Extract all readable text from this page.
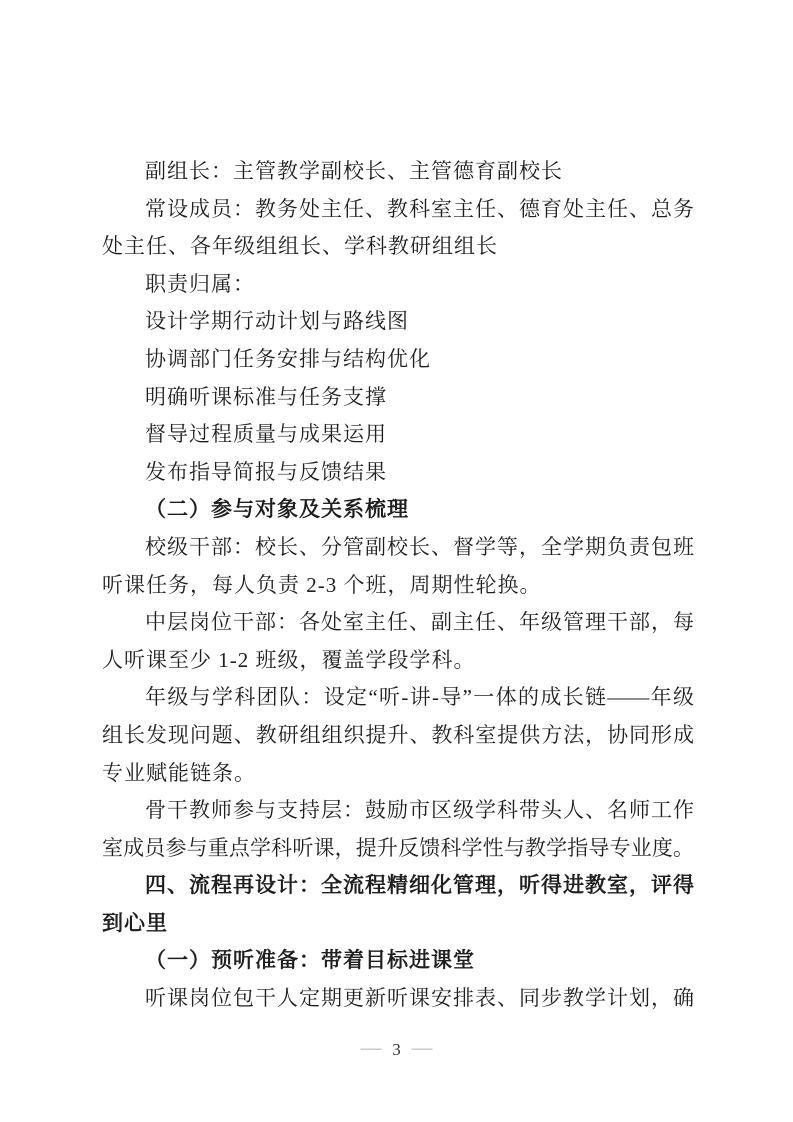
副组长：主管教学副校长、主管德育副校长
常设成员：教务处主任、教科室主任、德育处主任、总务
处主任、各年级组组长、学科教研组组长
职责归属：
设计学期行动计划与路线图
协调部门任务安排与结构优化
明确听课标准与任务支撑
督导过程质量与成果运用
发布指导简报与反馈结果
（二）参与对象及关系梳理
校级干部：校长、分管副校长、督学等，全学期负责包班
听课任务，每人负责 2-3 个班，周期性轮换。
中层岗位干部：各处室主任、副主任、年级管理干部，每
人听课至少 1-2 班级，覆盖学段学科。
年级与学科团队：设定“听-讲-导”一体的成长链——年级
组长发现问题、教研组组织提升、教科室提供方法，协同形成
专业赋能链条。
骨干教师参与支持层：鼓励市区级学科带头人、名师工作
室成员参与重点学科听课，提升反馈科学性与教学指导专业度。
四、流程再设计：全流程精细化管理，听得进教室，评得
到心里
（一）预听准备：带着目标进课堂
听课岗位包干人定期更新听课安排表、同步教学计划，确
— 3 —
